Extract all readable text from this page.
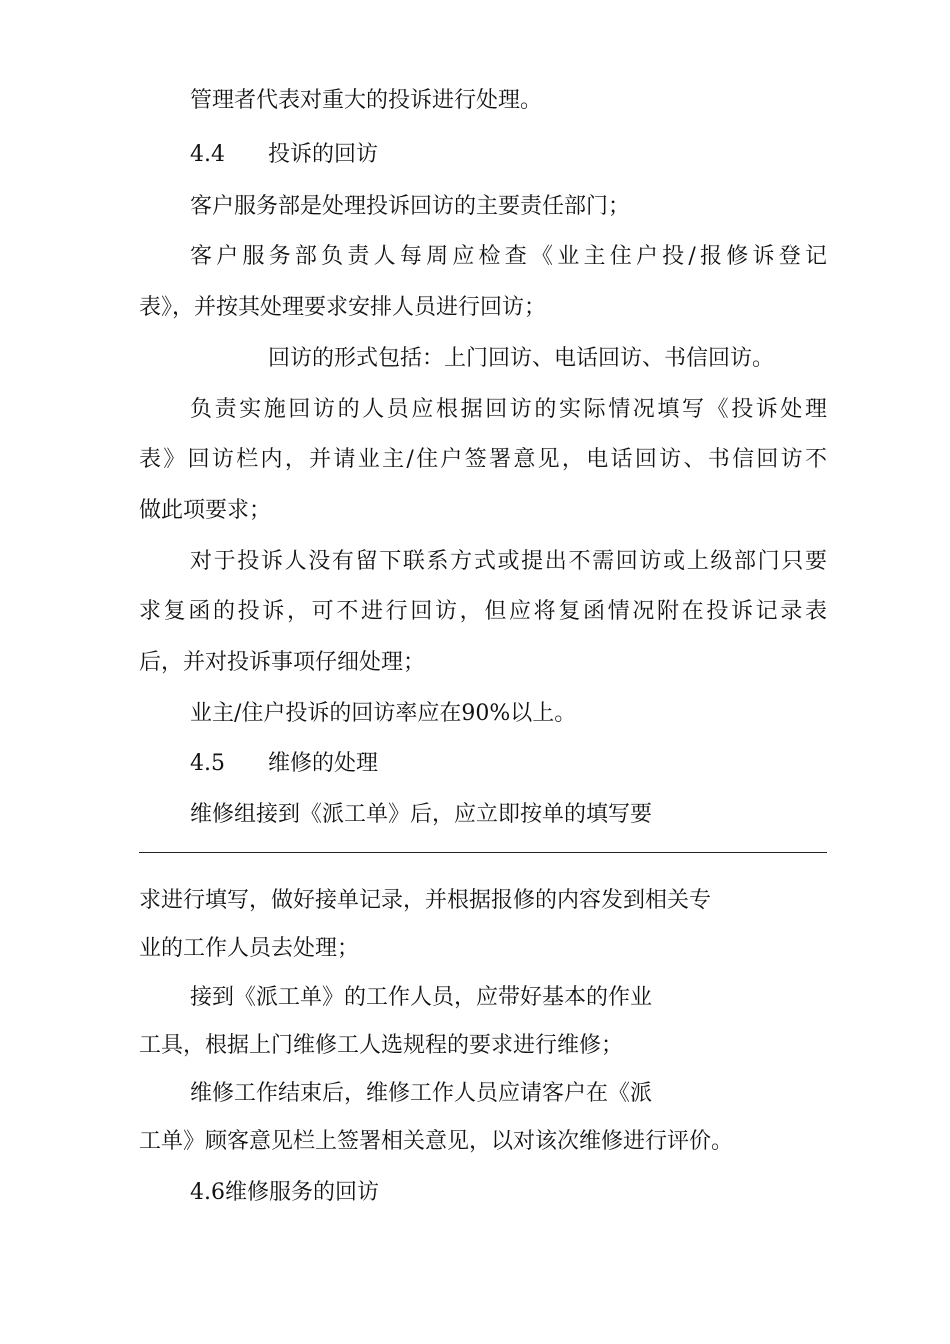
管理者代表对重大的投诉进行处理。
4.4 投诉的回访
客户服务部是处理投诉回访的主要责任部门；
客户服务部负责人每周应检查《业主住户投/报修诉登记
表》，并按其处理要求安排人员进行回访；
回访的形式包括：上门回访、电话回访、书信回访。
负责实施回访的人员应根据回访的实际情况填写《投诉处理
表》回访栏内，并请业主/住户签署意见，电话回访、书信回访不
做此项要求；
对于投诉人没有留下联系方式或提出不需回访或上级部门只要
求复函的投诉，可不进行回访，但应将复函情况附在投诉记录表
后，并对投诉事项仔细处理；
业主/住户投诉的回访率应在90%以上。
4.5 维修的处理
维修组接到《派工单》后，应立即按单的填写要
求进行填写，做好接单记录，并根据报修的内容发到相关专
业的工作人员去处理；
接到《派工单》的工作人员，应带好基本的作业
工具，根据上门维修工人选规程的要求进行维修；
维修工作结束后，维修工作人员应请客户在《派
工单》顾客意见栏上签署相关意见，以对该次维修进行评价。
4.6维修服务的回访
